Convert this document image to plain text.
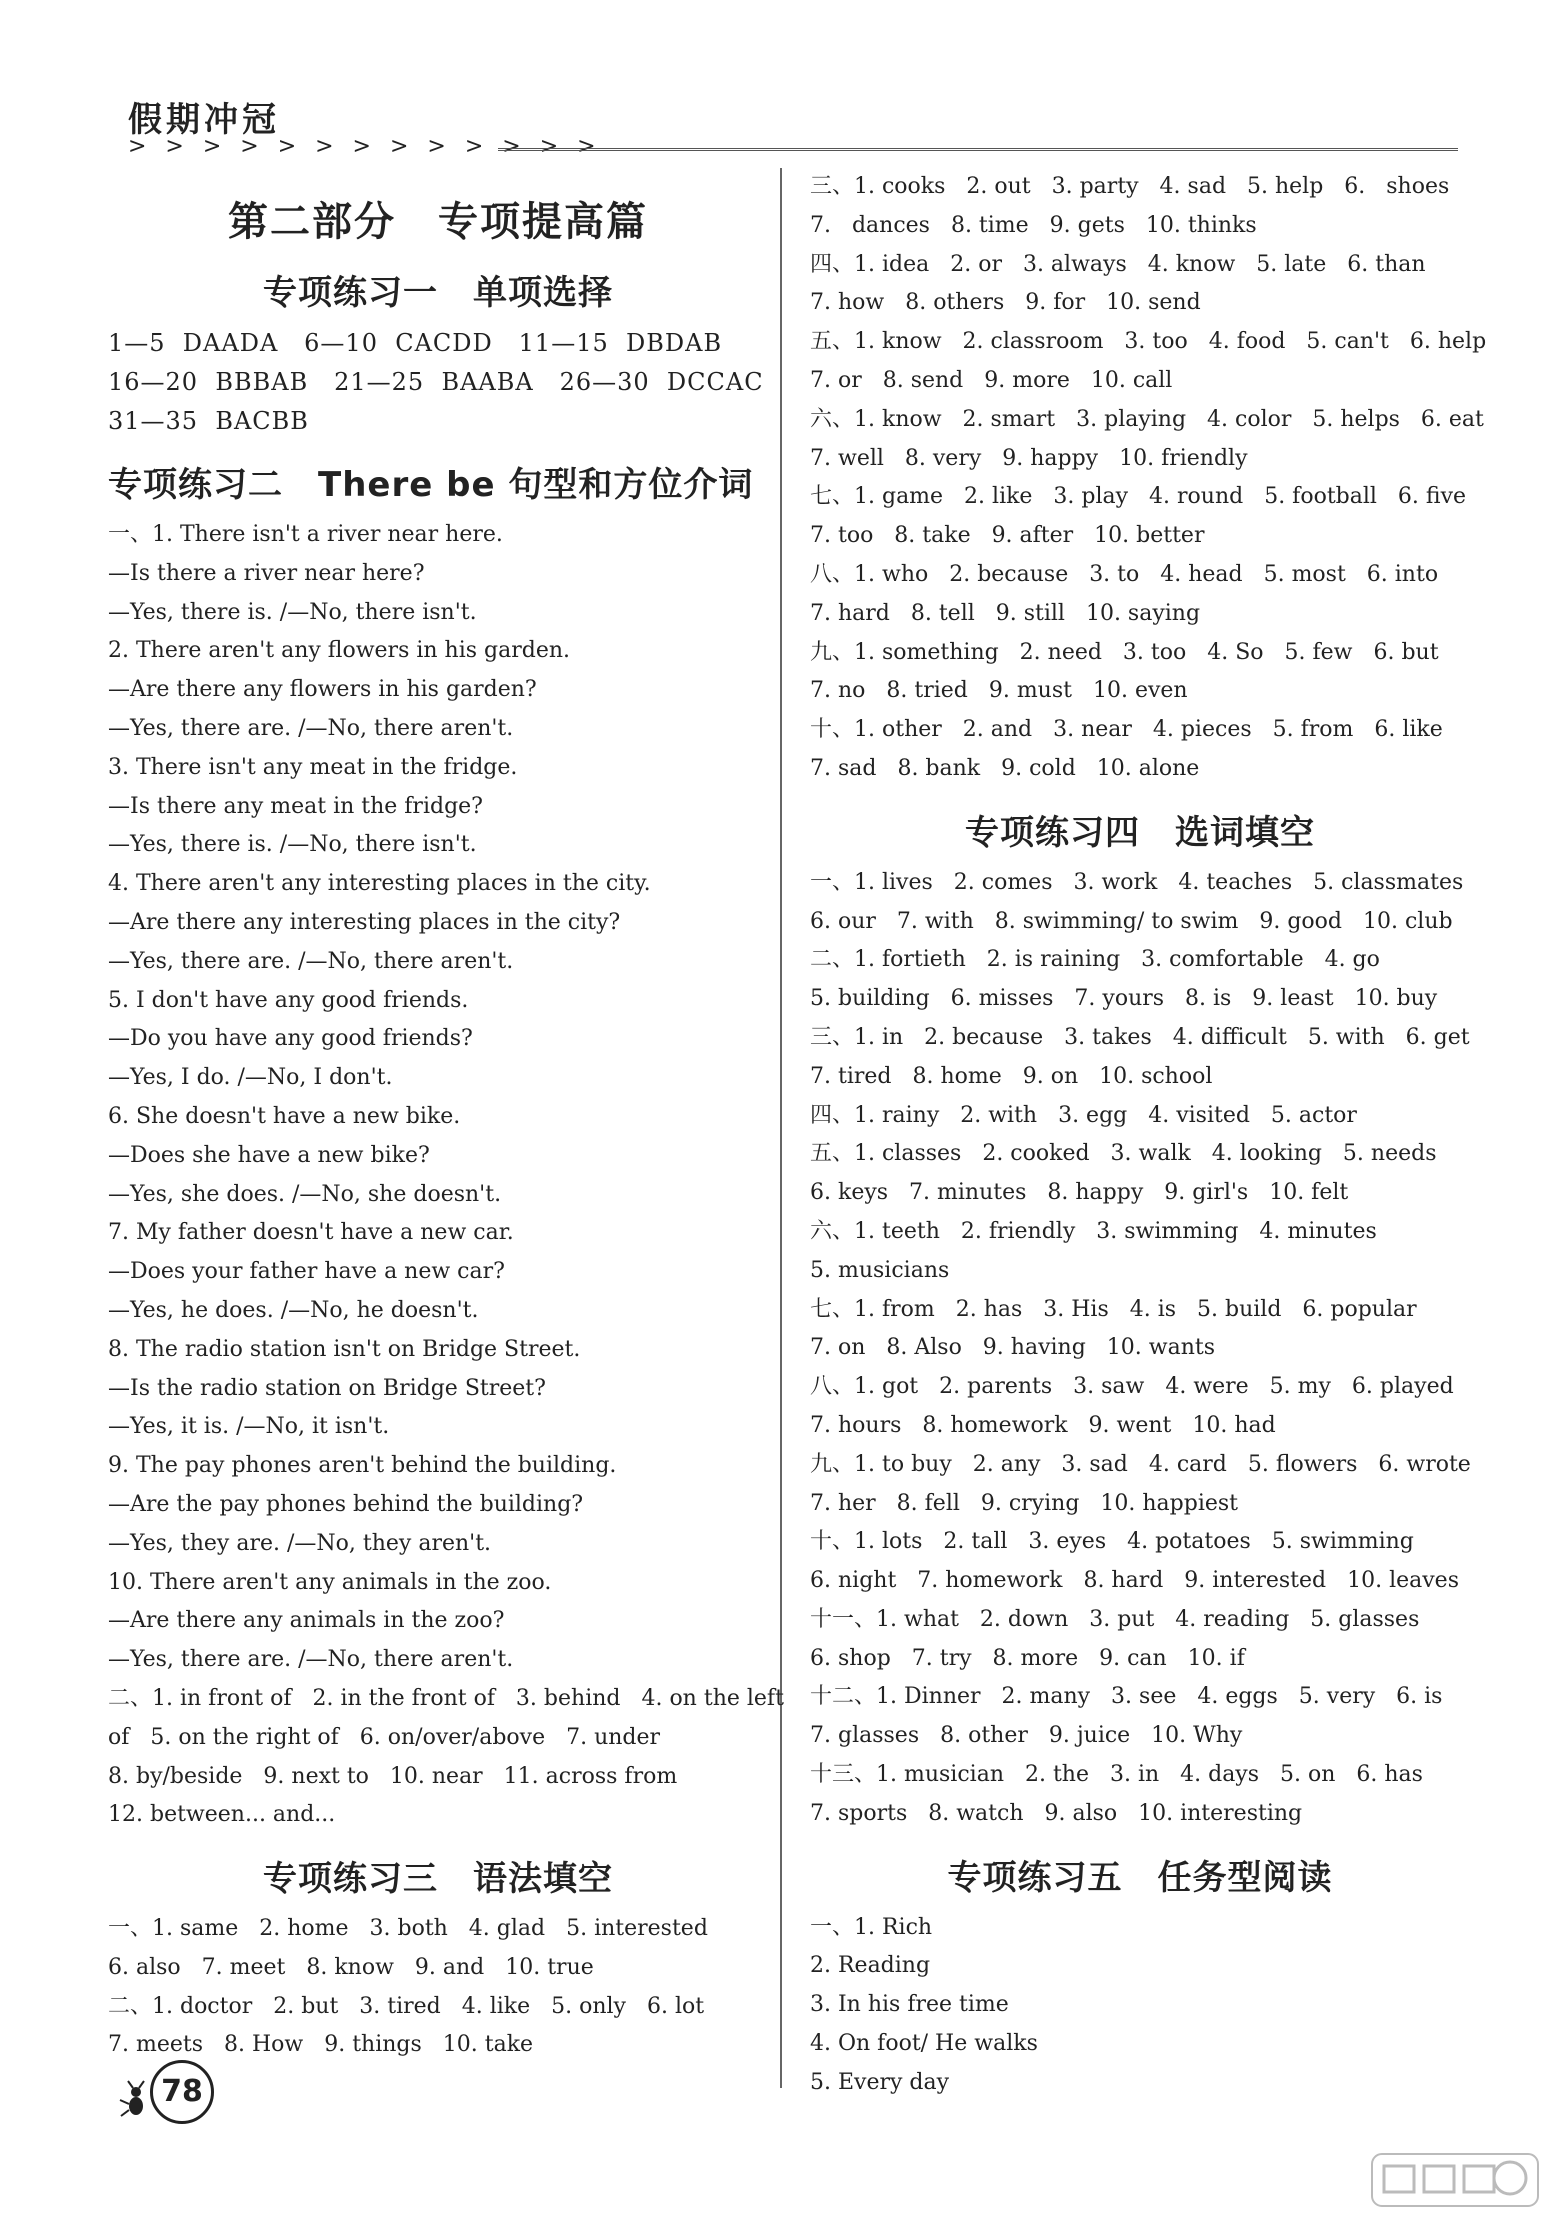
假期冲冠
> > > > > > > > > > > > >
第二部分　专项提高篇
专项练习一　单项选择
1—5  DAADA   6—10  CACDD   11—15  DBDAB
16—20  BBBAB   21—25  BAABA   26—30  DCCAC
31—35  BACBB
专项练习二　There be 句型和方位介词
一、1. There isn't a river near here.
—Is there a river near here?
—Yes, there is. /—No, there isn't.
2. There aren't any flowers in his garden.
—Are there any flowers in his garden?
—Yes, there are. /—No, there aren't.
3. There isn't any meat in the fridge.
—Is there any meat in the fridge?
—Yes, there is. /—No, there isn't.
4. There aren't any interesting places in the city.
—Are there any interesting places in the city?
—Yes, there are. /—No, there aren't.
5. I don't have any good friends.
—Do you have any good friends?
—Yes, I do. /—No, I don't.
6. She doesn't have a new bike.
—Does she have a new bike?
—Yes, she does. /—No, she doesn't.
7. My father doesn't have a new car.
—Does your father have a new car?
—Yes, he does. /—No, he doesn't.
8. The radio station isn't on Bridge Street.
—Is the radio station on Bridge Street?
—Yes, it is. /—No, it isn't.
9. The pay phones aren't behind the building.
—Are the pay phones behind the building?
—Yes, they are. /—No, they aren't.
10. There aren't any animals in the zoo.
—Are there any animals in the zoo?
—Yes, there are. /—No, there aren't.
二、1. in front of   2. in the front of   3. behind   4. on the left
of   5. on the right of   6. on/over/above   7. under
8. by/beside   9. next to   10. near   11. across from
12. between... and...
专项练习三　语法填空
一、1. same   2. home   3. both   4. glad   5. interested
6. also   7. meet   8. know   9. and   10. true
二、1. doctor   2. but   3. tired   4. like   5. only   6. lot
7. meets   8. How   9. things   10. take
三、1. cooks   2. out   3. party   4. sad   5. help   6.   shoes
7.   dances   8. time   9. gets   10. thinks
四、1. idea   2. or   3. always   4. know   5. late   6. than
7. how   8. others   9. for   10. send
五、1. know   2. classroom   3. too   4. food   5. can't   6. help
7. or   8. send   9. more   10. call
六、1. know   2. smart   3. playing   4. color   5. helps   6. eat
7. well   8. very   9. happy   10. friendly
七、1. game   2. like   3. play   4. round   5. football   6. five
7. too   8. take   9. after   10. better
八、1. who   2. because   3. to   4. head   5. most   6. into
7. hard   8. tell   9. still   10. saying
九、1. something   2. need   3. too   4. So   5. few   6. but
7. no   8. tried   9. must   10. even
十、1. other   2. and   3. near   4. pieces   5. from   6. like
7. sad   8. bank   9. cold   10. alone
专项练习四　选词填空
一、1. lives   2. comes   3. work   4. teaches   5. classmates
6. our   7. with   8. swimming/ to swim   9. good   10. club
二、1. fortieth   2. is raining   3. comfortable   4. go
5. building   6. misses   7. yours   8. is   9. least   10. buy
三、1. in   2. because   3. takes   4. difficult   5. with   6. get
7. tired   8. home   9. on   10. school
四、1. rainy   2. with   3. egg   4. visited   5. actor
五、1. classes   2. cooked   3. walk   4. looking   5. needs
6. keys   7. minutes   8. happy   9. girl's   10. felt
六、1. teeth   2. friendly   3. swimming   4. minutes
5. musicians
七、1. from   2. has   3. His   4. is   5. build   6. popular
7. on   8. Also   9. having   10. wants
八、1. got   2. parents   3. saw   4. were   5. my   6. played
7. hours   8. homework   9. went   10. had
九、1. to buy   2. any   3. sad   4. card   5. flowers   6. wrote
7. her   8. fell   9. crying   10. happiest
十、1. lots   2. tall   3. eyes   4. potatoes   5. swimming
6. night   7. homework   8. hard   9. interested   10. leaves
十一、1. what   2. down   3. put   4. reading   5. glasses
6. shop   7. try   8. more   9. can   10. if
十二、1. Dinner   2. many   3. see   4. eggs   5. very   6. is
7. glasses   8. other   9. juice   10. Why
十三、1. musician   2. the   3. in   4. days   5. on   6. has
7. sports   8. watch   9. also   10. interesting
专项练习五　任务型阅读
一、1. Rich
2. Reading
3. In his free time
4. On foot/ He walks
5. Every day
78
